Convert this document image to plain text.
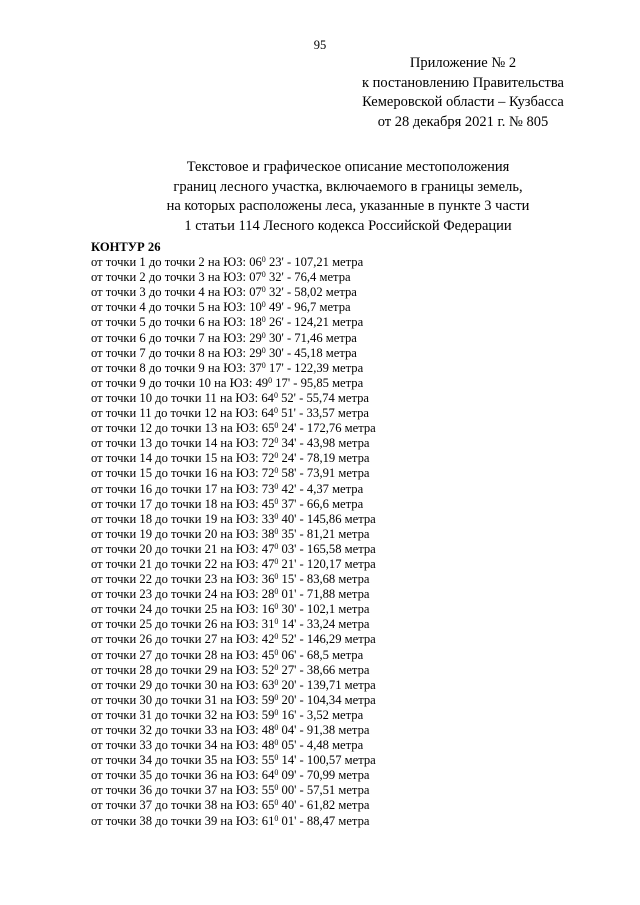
95
Приложение № 2
к постановлению Правительства
Кемеровской области – Кузбасса
от 28 декабря 2021 г. № 805
Текстовое и графическое описание местоположения
границ лесного участка, включаемого в границы земель,
на которых расположены леса, указанные в пункте 3 части
1 статьи 114 Лесного кодекса Российской Федерации
КОНТУР 26
от точки 1 до точки 2 на ЮЗ: $06^0$ 23' - 107,21 метра
от точки 2 до точки 3 на ЮЗ: $07^0$ 32' - 76,4 метра
от точки 3 до точки 4 на ЮЗ: $07^0$ 32' - 58,02 метра
от точки 4 до точки 5 на ЮЗ: $10^0$ 49' - 96,7 метра
от точки 5 до точки 6 на ЮЗ: $18^0$ 26' - 124,21 метра
от точки 6 до точки 7 на ЮЗ: $29^0$ 30' - 71,46 метра
от точки 7 до точки 8 на ЮЗ: $29^0$ 30' - 45,18 метра
от точки 8 до точки 9 на ЮЗ: $37^0$ 17' - 122,39 метра
от точки 9 до точки 10 на ЮЗ: $49^0$ 17' - 95,85 метра
от точки 10 до точки 11 на ЮЗ: $64^0$ 52' - 55,74 метра
от точки 11 до точки 12 на ЮЗ: $64^0$ 51' - 33,57 метра
от точки 12 до точки 13 на ЮЗ: $65^0$ 24' - 172,76 метра
от точки 13 до точки 14 на ЮЗ: $72^0$ 34' - 43,98 метра
от точки 14 до точки 15 на ЮЗ: $72^0$ 24' - 78,19 метра
от точки 15 до точки 16 на ЮЗ: $72^0$ 58' - 73,91 метра
от точки 16 до точки 17 на ЮЗ: $73^0$ 42' - 4,37 метра
от точки 17 до точки 18 на ЮЗ: $45^0$ 37' - 66,6 метра
от точки 18 до точки 19 на ЮЗ: $33^0$ 40' - 145,86 метра
от точки 19 до точки 20 на ЮЗ: $38^0$ 35' - 81,21 метра
от точки 20 до точки 21 на ЮЗ: $47^0$ 03' - 165,58 метра
от точки 21 до точки 22 на ЮЗ: $47^0$ 21' - 120,17 метра
от точки 22 до точки 23 на ЮЗ: $36^0$ 15' - 83,68 метра
от точки 23 до точки 24 на ЮЗ: $28^0$ 01' - 71,88 метра
от точки 24 до точки 25 на ЮЗ: $16^0$ 30' - 102,1 метра
от точки 25 до точки 26 на ЮЗ: $31^0$ 14' - 33,24 метра
от точки 26 до точки 27 на ЮЗ: $42^0$ 52' - 146,29 метра
от точки 27 до точки 28 на ЮЗ: $45^0$ 06' - 68,5 метра
от точки 28 до точки 29 на ЮЗ: $52^0$ 27' - 38,66 метра
от точки 29 до точки 30 на ЮЗ: $63^0$ 20' - 139,71 метра
от точки 30 до точки 31 на ЮЗ: $59^0$ 20' - 104,34 метра
от точки 31 до точки 32 на ЮЗ: $59^0$ 16' - 3,52 метра
от точки 32 до точки 33 на ЮЗ: $48^0$ 04' - 91,38 метра
от точки 33 до точки 34 на ЮЗ: $48^0$ 05' - 4,48 метра
от точки 34 до точки 35 на ЮЗ: $55^0$ 14' - 100,57 метра
от точки 35 до точки 36 на ЮЗ: $64^0$ 09' - 70,99 метра
от точки 36 до точки 37 на ЮЗ: $55^0$ 00' - 57,51 метра
от точки 37 до точки 38 на ЮЗ: $65^0$ 40' - 61,82 метра
от точки 38 до точки 39 на ЮЗ: $61^0$ 01' - 88,47 метра
